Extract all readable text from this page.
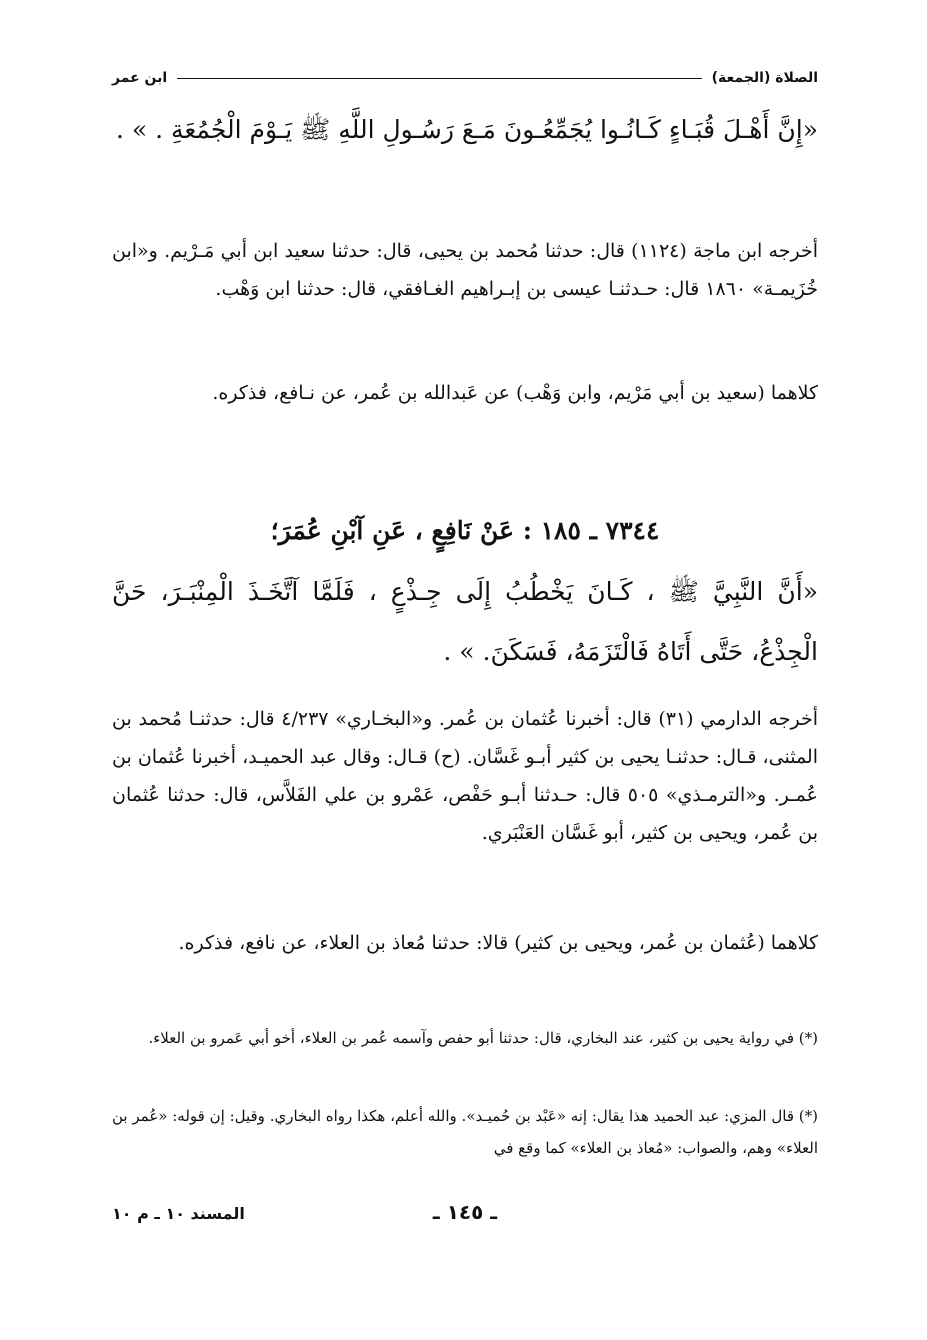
الصلاة (الجمعة)
ابن عمر
«إِنَّ أَهْـلَ قُبَـاءٍ كَـانُـوا يُجَمِّعُـونَ مَـعَ رَسُـولِ اللَّهِ ﷺ يَـوْمَ الْجُمُعَةِ . » .
أخرجه ابن ماجة (١١٢٤) قال: حدثنا مُحمد بن يحيى، قال: حدثنا سعيد ابن أبي مَـرْيم. و«ابن خُزَيمـة» ١٨٦٠ قال: حـدثنـا عيسى بن إبـراهيم الغـافقي، قال: حدثنا ابن وَهْب.
كلاهما (سعيد بن أبي مَرْيم، وابن وَهْب) عن عَبدالله بن عُمر، عن نـافع، فذكره.
٧٣٤٤ ـ ١٨٥ : عَنْ نَافِعٍ ، عَنِ آبْنِ عُمَرَ؛
«أَنَّ النَّبِيَّ ﷺ ، كَـانَ يَخْطُبُ إِلَى جِـذْعٍ ، فَلَمَّا آتَّخَـذَ الْمِنْبَـرَ، حَنَّ الْجِذْعُ، حَتَّى أَتَاهُ فَالْتَزَمَهُ، فَسَكَنَ. » .
أخرجه الدارمي (٣١) قال: أخبرنا عُثمان بن عُمر. و«البخـاري» ٤/٢٣٧ قال: حدثنـا مُحمد بن المثنى، قـال: حدثنـا يحيى بن كثير أبـو غَسَّان. (ح) قـال: وقال عبد الحميـد، أخبرنا عُثمان بن عُمـر. و«الترمـذي» ٥٠٥ قال: حـدثنا أبـو حَفْص، عَمْرو بن علي الفَلاَّس، قال: حدثنا عُثمان بن عُمر، ويحيى بن كثير، أبو غَسَّان العَنْبَري.
كلاهما (عُثمان بن عُمر، ويحيى بن كثير) قالا: حدثنا مُعاذ بن العلاء، عن نافع، فذكره.
(*) في رواية يحيى بن كثير، عند البخاري، قال: حدثنا أبو حفص وآسمه عُمر بن العلاء، أخو أبي عَمرو بن العلاء.
(*) قال المزي: عبد الحميد هذا يقال: إنه «عَبْد بن حُميـد». والله أعلم، هكذا رواه البخاري. وقيل: إن قوله: «عُمر بن العلاء» وهم، والصواب: «مُعاذ بن العلاء» كما وقع في
ـ ١٤٥ ـ
المسند ١٠ ـ م ١٠
